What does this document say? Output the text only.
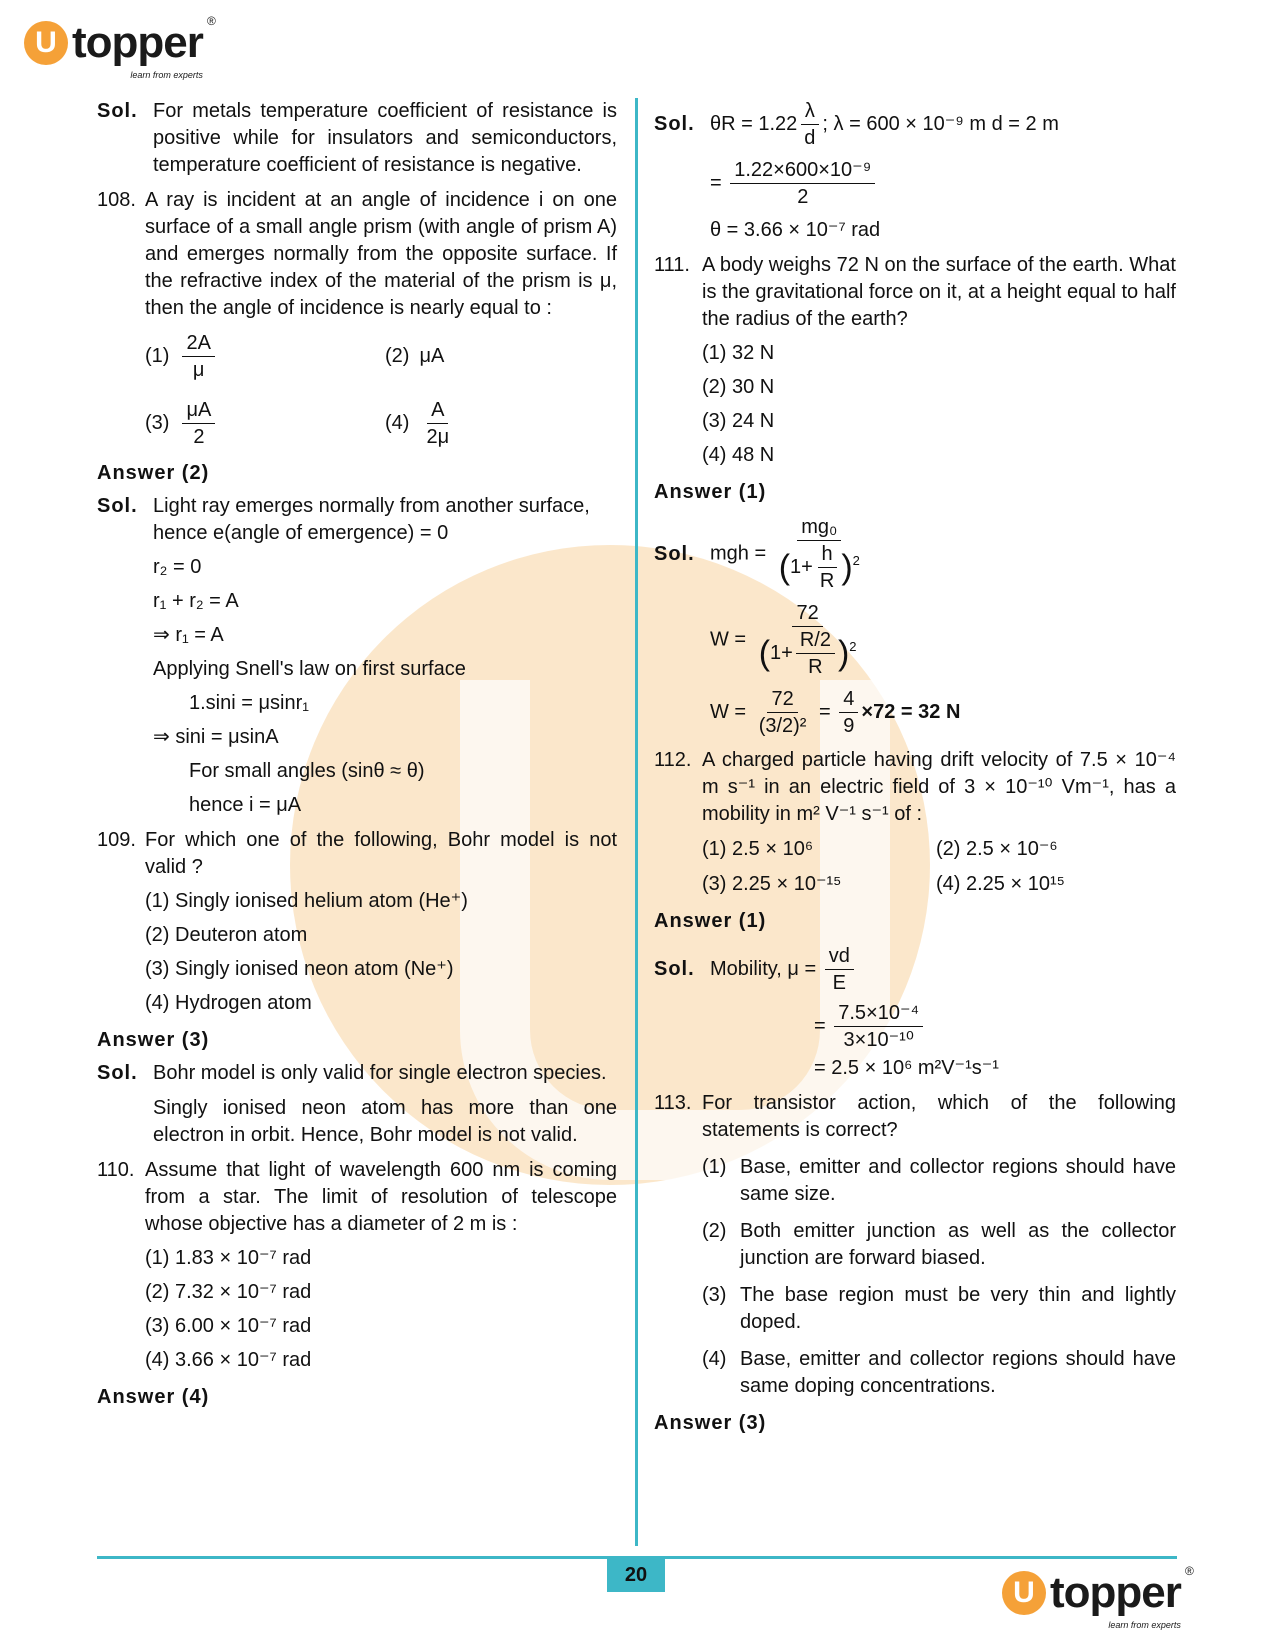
U topper ®
learn from experts
U topper ®
learn from experts
20
Sol. For metals temperature coefficient of resistance is positive while for insulators and semiconductors, temperature coefficient of resistance is negative.

108. A ray is incident at an angle of incidence i on one surface of a small angle prism (with angle of prism A) and emerges normally from the opposite surface. If the refractive index of the material of the prism is μ, then the angle of incidence is nearly equal to :

$(1) \frac{2A}{\mu}$	(2) μA
$(3) \frac{\mu A}{2}$	$(4) \frac{A}{2\mu}$

Answer (2)

Sol. Light ray emerges normally from another surface, hence e(angle of emergence) = 0

r₂ = 0

r₁ + r₂ = A

⇒ r₁ = A

Applying Snell's law on first surface

1.sini = μsinr₁

⇒ sini = μsinA

For small angles (sinθ ≈ θ)

hence i = μA

109. For which one of the following, Bohr model is not valid ?

(1) Singly ionised helium atom (He⁺)

(2) Deuteron atom

(3) Singly ionised neon atom (Ne⁺)

(4) Hydrogen atom

Answer (3)

Sol. Bohr model is only valid for single electron species.

Singly ionised neon atom has more than one electron in orbit. Hence, Bohr model is not valid.

110. Assume that light of wavelength 600 nm is coming from a star. The limit of resolution of telescope whose objective has a diameter of 2 m is :

(1) 1.83 × 10⁻⁷ rad

(2) 7.32 × 10⁻⁷ rad

(3) 6.00 × 10⁻⁷ rad

(4) 3.66 × 10⁻⁷ rad

Answer (4)

Sol. $\theta R = 1.22 \frac{\lambda}{d}$ ; λ = 600 × 10⁻⁹ m d = 2 m

= $\frac{\text{1.22×600×10⁻⁹}}{2}$

θ = 3.66 × 10⁻⁷ rad

111. A body weighs 72 N on the surface of the earth. What is the gravitational force on it, at a height equal to half the radius of the earth?

(1) 32 N

(2) 30 N

(3) 24 N

(4) 48 N

Answer (1)

Sol. mgh = $\frac{\text{mg₀}}{(1+ \frac{h}{R} )^2}$

$W = \frac{72}{(1+ \frac{R/2}{R} )^2}$

$W = \frac{72}{\text{(3/2)²}} = \frac{4}{9} \times 72 = 32$ N

112. A charged particle having drift velocity of 7.5 × 10⁻⁴ m s⁻¹ in an electric field of 3 × 10⁻¹⁰ Vm⁻¹, has a mobility in m² V⁻¹ s⁻¹ of :

(1) 2.5 × 10⁶	(2) 2.5 × 10⁻⁶
(3) 2.25 × 10⁻¹⁵	(4) 2.25 × 10¹⁵

Answer (1)

Sol. Mobility, $\mu = \frac{vd}{E}$

= $\frac{\text{7.5×10⁻⁴}}{\text{3×10⁻¹⁰}}$

= 2.5 × 10⁶ m²V⁻¹s⁻¹

113. For transistor action, which of the following statements is correct?

(1) Base, emitter and collector regions should have same size.

(2) Both emitter junction as well as the collector junction are forward biased.

(3) The base region must be very thin and lightly doped.

(4) Base, emitter and collector regions should have same doping concentrations.

Answer (3)
